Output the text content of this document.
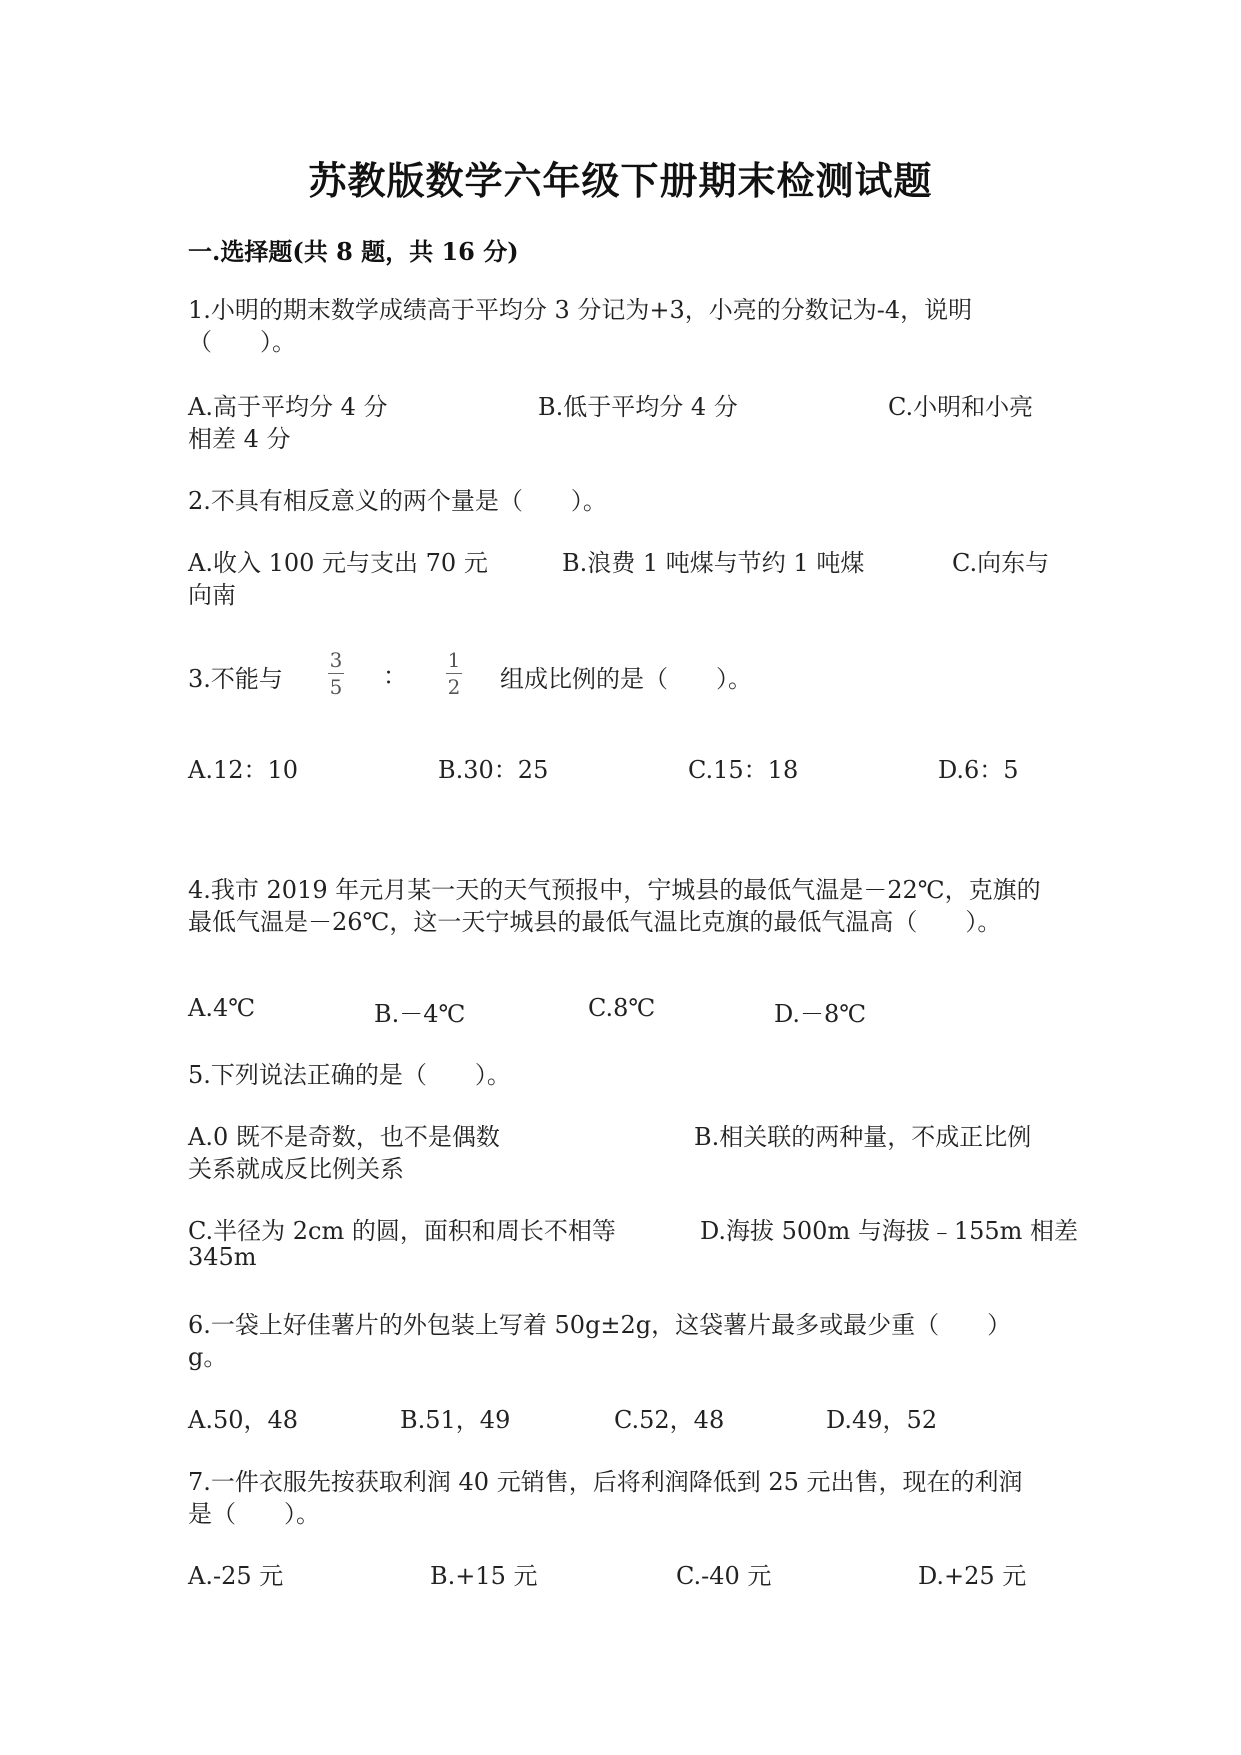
苏教版数学六年级下册期末检测试题
一.选择题(共 8 题，共 16 分)
1.小明的期末数学成绩高于平均分 3 分记为+3，小亮的分数记为-4，说明
（　　）。
A.高于平均分 4 分	B.低于平均分 4 分	C.小明和小亮
相差 4 分
2.不具有相反意义的两个量是（　　）。
A.收入 100 元与支出 70 元	B.浪费 1 吨煤与节约 1 吨煤	C.向东与
向南
3.不能与
3
5 ：
1
2 组成比例的是（　　）。
A.12：10	B.30：25	C.15：18	D.6：5
4.我市 2019 年元月某一天的天气预报中，宁城县的最低气温是－22℃，克旗的
最低气温是－26℃，这一天宁城县的最低气温比克旗的最低气温高（　　）。
A.4℃	B.－4℃	C.8℃	D.－8℃
5.下列说法正确的是（　　）。
A.0 既不是奇数，也不是偶数	B.相关联的两种量，不成正比例
关系就成反比例关系
C.半径为 2cm 的圆，面积和周长不相等	D.海拔 500m 与海拔﹣155m 相差
345m
6.一袋上好佳薯片的外包装上写着 50g±2g，这袋薯片最多或最少重（　　）
g。
A.50，48	B.51，49	C.52，48	D.49，52
7.一件衣服先按获取利润 40 元销售，后将利润降低到 25 元出售，现在的利润
是（　　）。
A.-25 元	B.+15 元	C.-40 元	D.+25 元
